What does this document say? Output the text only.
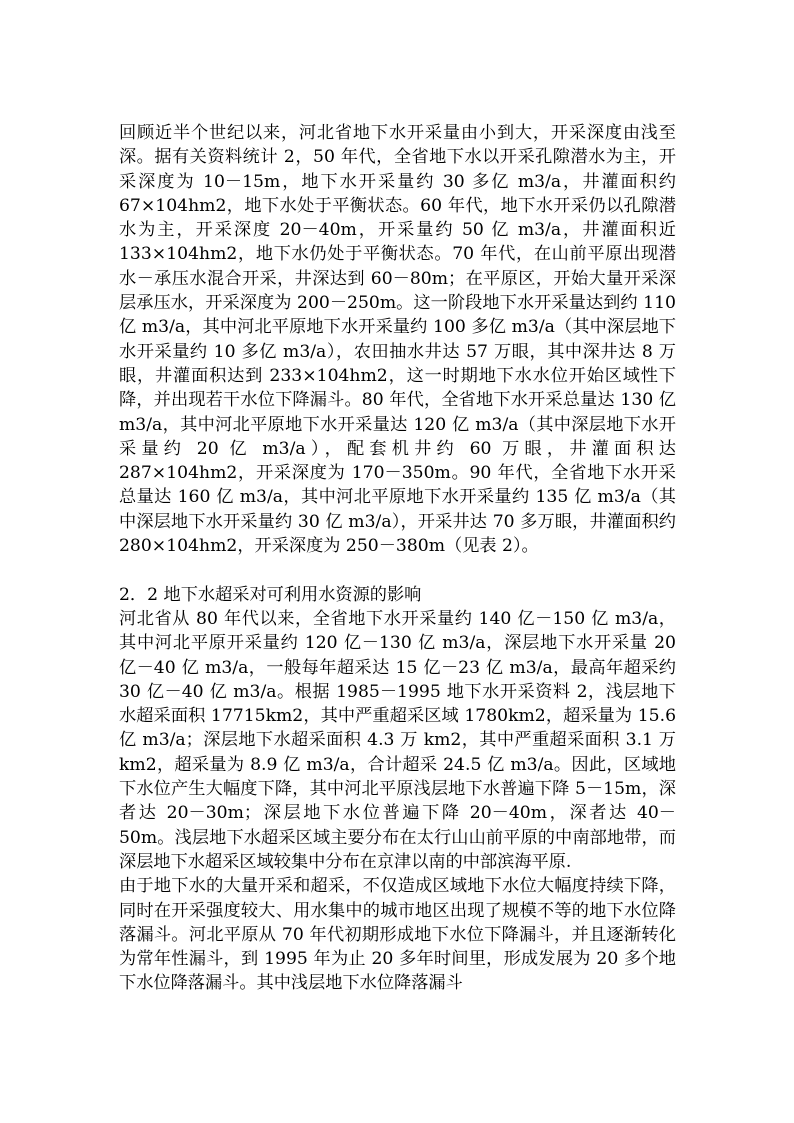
回顾近半个世纪以来，河北省地下水开采量由小到大，开采深度由浅至深。据有关资料统计 2，50 年代，全省地下水以开采孔隙潜水为主，开采深度为 10－15m，地下水开采量约 30 多亿 m3/a，井灌面积约 67×104hm2，地下水处于平衡状态。60 年代，地下水开采仍以孔隙潜水为主，开采深度 20－40m，开采量约 50 亿 m3/a，井灌面积近 133×104hm2，地下水仍处于平衡状态。70 年代，在山前平原出现潜水－承压水混合开采，井深达到 60－80m；在平原区，开始大量开采深层承压水，开采深度为 200－250m。这一阶段地下水开采量达到约 110 亿 m3/a，其中河北平原地下水开采量约 100 多亿 m3/a（其中深层地下水开采量约 10 多亿 m3/a），农田抽水井达 57 万眼，其中深井达 8 万眼，井灌面积达到 233×104hm2，这一时期地下水水位开始区域性下降，并出现若干水位下降漏斗。80 年代，全省地下水开采总量达 130 亿 m3/a，其中河北平原地下水开采量达 120 亿 m3/a（其中深层地下水开采量约 20 亿 m3/a），配套机井约 60 万眼，井灌面积达 287×104hm2，开采深度为 170－350m。90 年代，全省地下水开采总量达 160 亿 m3/a，其中河北平原地下水开采量约 135 亿 m3/a（其中深层地下水开采量约 30 亿 m3/a），开采井达 70 多万眼，井灌面积约 280×104hm2，开采深度为 250－380m（见表 2）。

2．2 地下水超采对可利用水资源的影响

河北省从 80 年代以来，全省地下水开采量约 140 亿－150 亿 m3/a，其中河北平原开采量约 120 亿－130 亿 m3/a，深层地下水开采量 20 亿－40 亿 m3/a，一般每年超采达 15 亿－23 亿 m3/a，最高年超采约 30 亿－40 亿 m3/a。根据 1985－1995 地下水开采资料 2，浅层地下水超采面积 17715km2，其中严重超采区域 1780km2，超采量为 15.6 亿 m3/a；深层地下水超采面积 4.3 万 km2，其中严重超采面积 3.1 万 km2，超采量为 8.9 亿 m3/a，合计超采 24.5 亿 m3/a。因此，区域地下水位产生大幅度下降，其中河北平原浅层地下水普遍下降 5－15m，深者达 20－30m；深层地下水位普遍下降 20－40m，深者达 40－50m。浅层地下水超采区域主要分布在太行山山前平原的中南部地带，而深层地下水超采区域较集中分布在京津以南的中部滨海平原.

由于地下水的大量开采和超采，不仅造成区域地下水位大幅度持续下降，同时在开采强度较大、用水集中的城市地区出现了规模不等的地下水位降落漏斗。河北平原从 70 年代初期形成地下水位下降漏斗，并且逐渐转化为常年性漏斗，到 1995 年为止 20 多年时间里，形成发展为 20 多个地下水位降落漏斗。其中浅层地下水位降落漏斗
